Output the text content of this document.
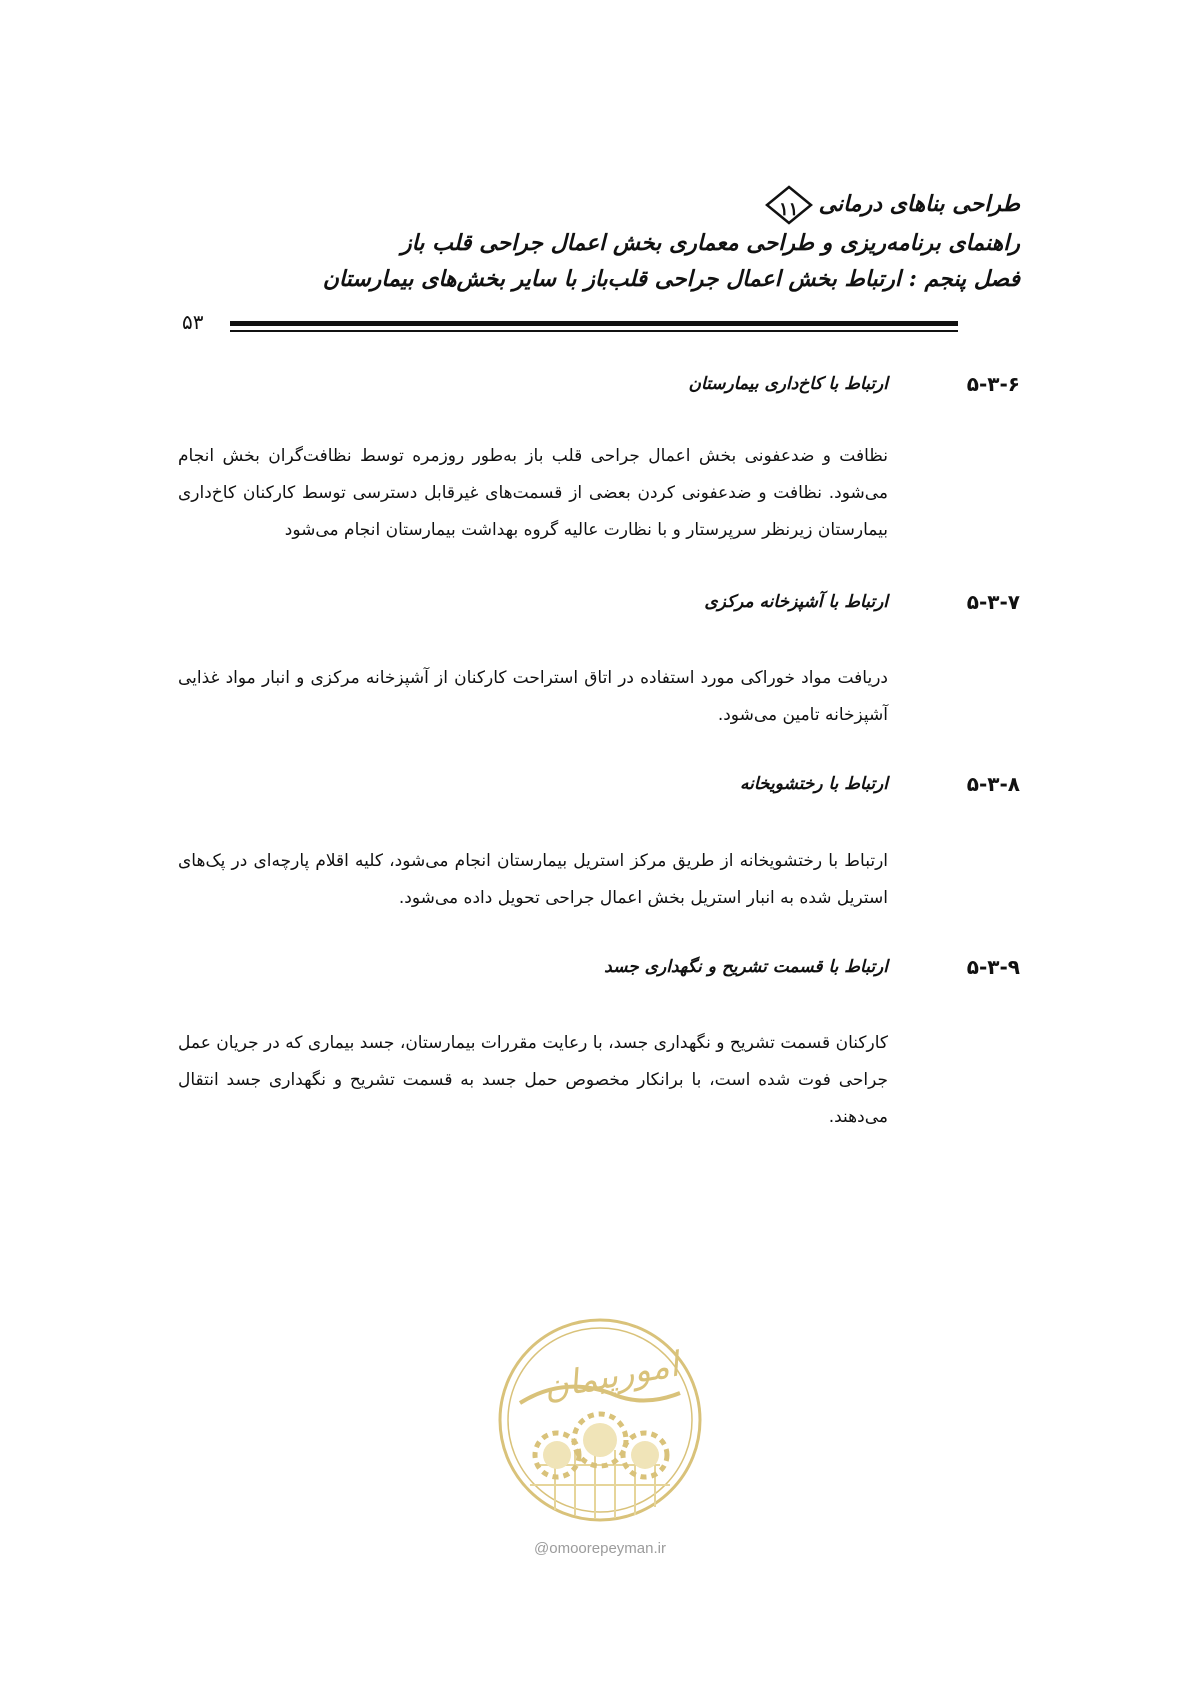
طراحی بناهای درمانی
۱۱
راهنمای برنامه‌ریزی و طراحی معماری بخش اعمال جراحی قلب باز
فصل پنجم : ارتباط بخش اعمال جراحی قلب‌باز با سایر بخش‌های بیمارستان
۵۳
۵-۳-۶
ارتباط با کاخ‌داری بیمارستان
نظافت و ضدعفونی بخش اعمال جراحی قلب باز به‌طور روزمره توسط نظافت‌گران بخش انجام می‌شود. نظافت و ضدعفونی کردن بعضی از قسمت‌های غیرقابل دسترسی توسط کارکنان کاخ‌داری بیمارستان زیرنظر سرپرستار و با نظارت عالیه گروه بهداشت بیمارستان انجام می‌شود
۵-۳-۷
ارتباط با آشپزخانه مرکزی
دریافت مواد خوراکی مورد استفاده در اتاق استراحت کارکنان از آشپزخانه مرکزی و انبار مواد غذایی آشپزخانه تامین می‌شود.
۵-۳-۸
ارتباط با رختشویخانه
ارتباط با رختشویخانه از طریق مرکز استریل بیمارستان انجام می‌شود، کلیه اقلام پارچه‌ای در پک‌های استریل شده به انبار استریل بخش اعمال جراحی تحویل داده می‌شود.
۵-۳-۹
ارتباط با قسمت تشریح و نگهداری جسد
کارکنان قسمت تشریح و نگهداری جسد، با رعایت مقررات بیمارستان، جسد بیماری که در جریان عمل جراحی فوت شده است، با برانکار مخصوص حمل جسد به قسمت تشریح و نگهداری جسد انتقال می‌دهند.
امورپیمان
@omoorepeyman.ir
